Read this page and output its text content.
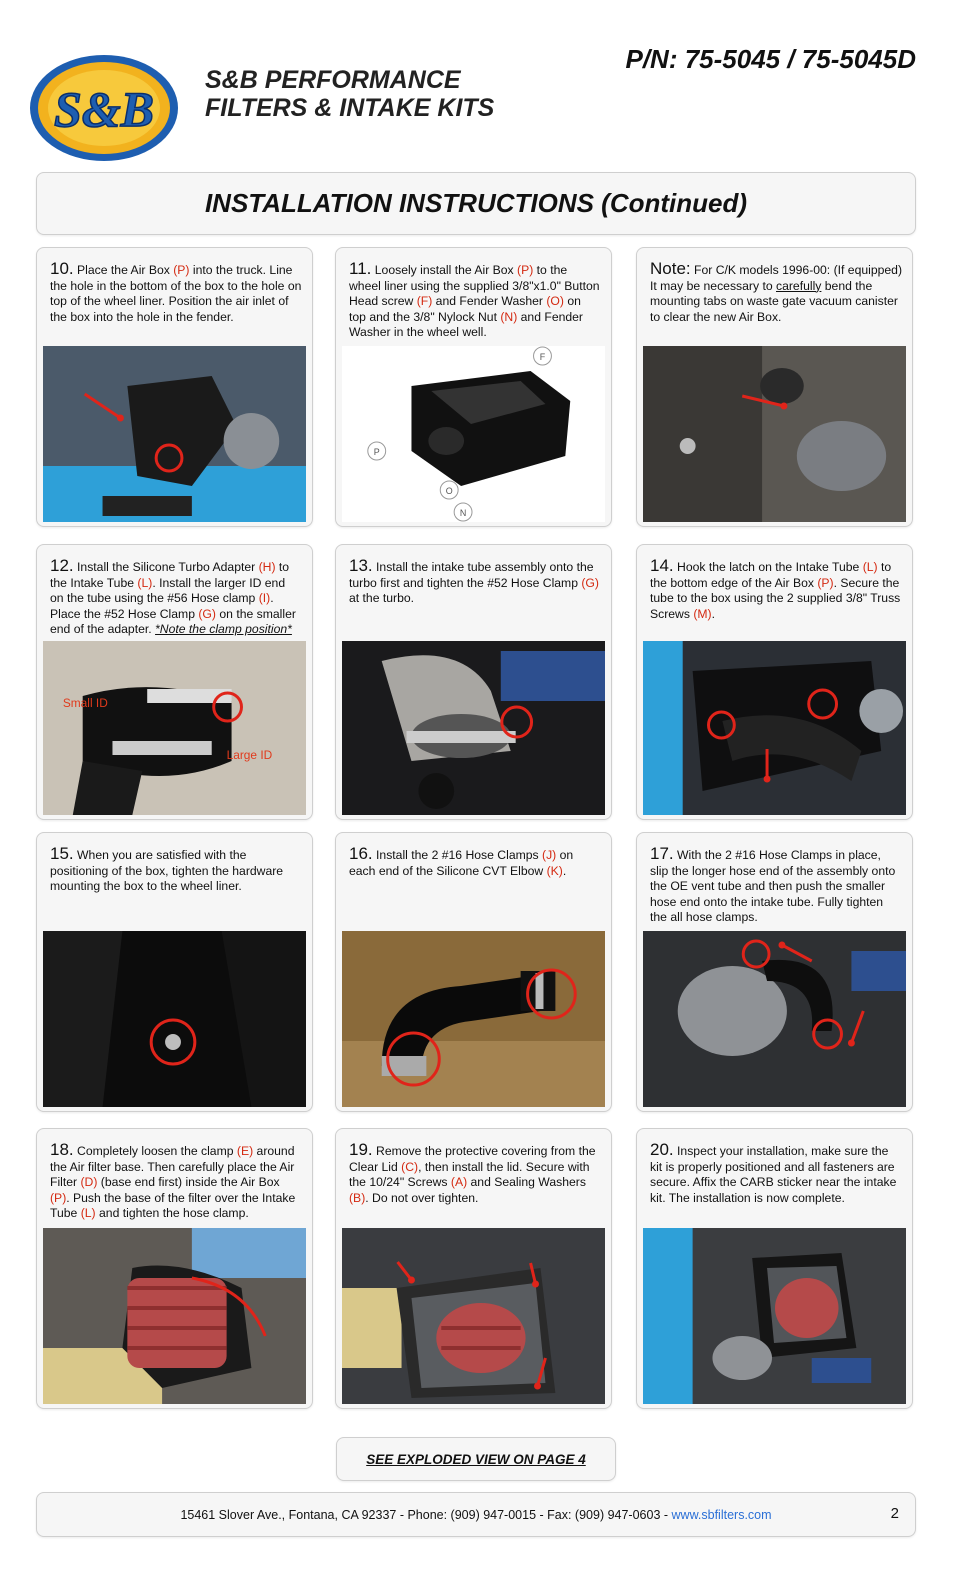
S&B
S&B PERFORMANCE
FILTERS & INTAKE KITS
P/N: 75-5045 / 75-5045D
INSTALLATION INSTRUCTIONS (Continued)
10. Place the Air Box (P) into the truck. Line the hole in the bottom of the box to the hole on top of the wheel liner. Position the air inlet of the box into the hole in the fender.
11. Loosely install the Air Box (P) to the wheel liner using the supplied 3/8"x1.0" Button Head screw (F) and Fender Washer (O) on top and the 3/8" Nylock Nut (N) and Fender Washer in the wheel well.
F
P
O
N
Note: For C/K models 1996-00: (If equipped) It may be necessary to carefully bend the mounting tabs on waste gate vacuum canister to clear the new Air Box.
12. Install the Silicone Turbo Adapter (H) to the Intake Tube (L). Install the larger ID end on the tube using the #56 Hose clamp (I). Place the #52 Hose Clamp (G) on the smaller end of the adapter. *Note the clamp position*
Small ID
Large ID
13. Install the intake tube assembly onto the turbo first and tighten the #52 Hose Clamp (G) at the turbo.
14. Hook the latch on the Intake Tube (L) to the bottom edge of the Air Box (P). Secure the tube to the box using the 2 supplied 3/8" Truss Screws (M).
15. When you are satisfied with the positioning of the box, tighten the hardware mounting the box to the wheel liner.
16. Install the 2 #16 Hose Clamps (J) on each end of the Silicone CVT Elbow (K).
17. With the 2 #16 Hose Clamps in place, slip the longer hose end of the assembly onto the OE vent tube and then push the smaller hose end onto the intake tube. Fully tighten the all hose clamps.
18. Completely loosen the clamp (E) around the Air filter base. Then carefully place the Air Filter (D) (base end first) inside the Air Box (P). Push the base of the filter over the Intake Tube (L) and tighten the hose clamp.
19. Remove the protective covering from the Clear Lid (C), then install the lid. Secure with the 10/24" Screws (A) and Sealing Washers (B). Do not over tighten.
20. Inspect your installation, make sure the kit is properly positioned and all fasteners are secure. Affix the CARB sticker near the intake kit. The installation is now complete.
SEE EXPLODED VIEW ON PAGE 4
15461 Slover Ave., Fontana, CA 92337 - Phone: (909) 947-0015 - Fax: (909) 947-0603 - www.sbfilters.com	2
